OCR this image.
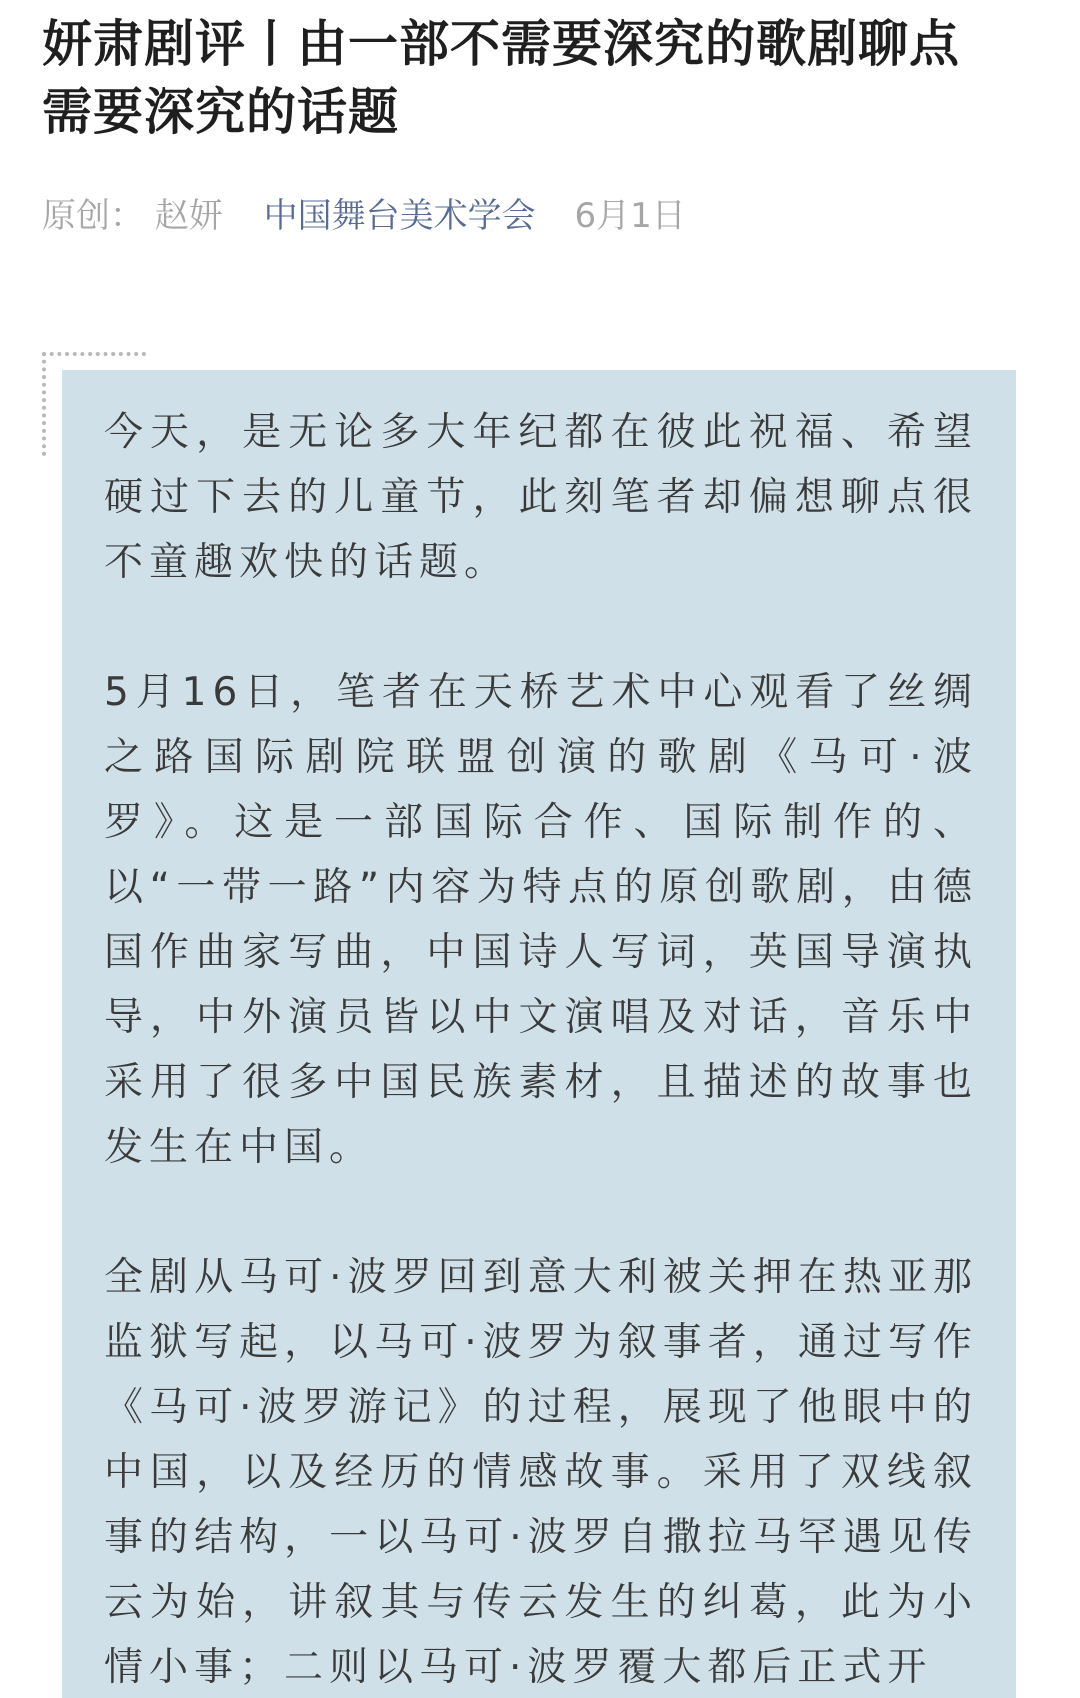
妍肃剧评丨由一部不需要深究的歌剧聊点需要深究的话题
原创： 赵妍 中国舞台美术学会 6月1日

今天，是无论多大年纪都在彼此祝福、希望硬过下去的儿童节，此刻笔者却偏想聊点很不童趣欢快的话题。

5月16日，笔者在天桥艺术中心观看了丝绸之路国际剧院联盟创演的歌剧《马可·波罗》。这是一部国际合作、国际制作的、以“一带一路”内容为特点的原创歌剧，由德国作曲家写曲，中国诗人写词，英国导演执导，中外演员皆以中文演唱及对话，音乐中采用了很多中国民族素材，且描述的故事也发生在中国。

全剧从马可·波罗回到意大利被关押在热亚那监狱写起，以马可·波罗为叙事者，通过写作《马可·波罗游记》的过程，展现了他眼中的中国，以及经历的情感故事。采用了双线叙事的结构，一以马可·波罗自撒拉马罕遇见传云为始，讲叙其与传云发生的纠葛，此为小情小事；二则以马可·波罗覆大都后正式开
